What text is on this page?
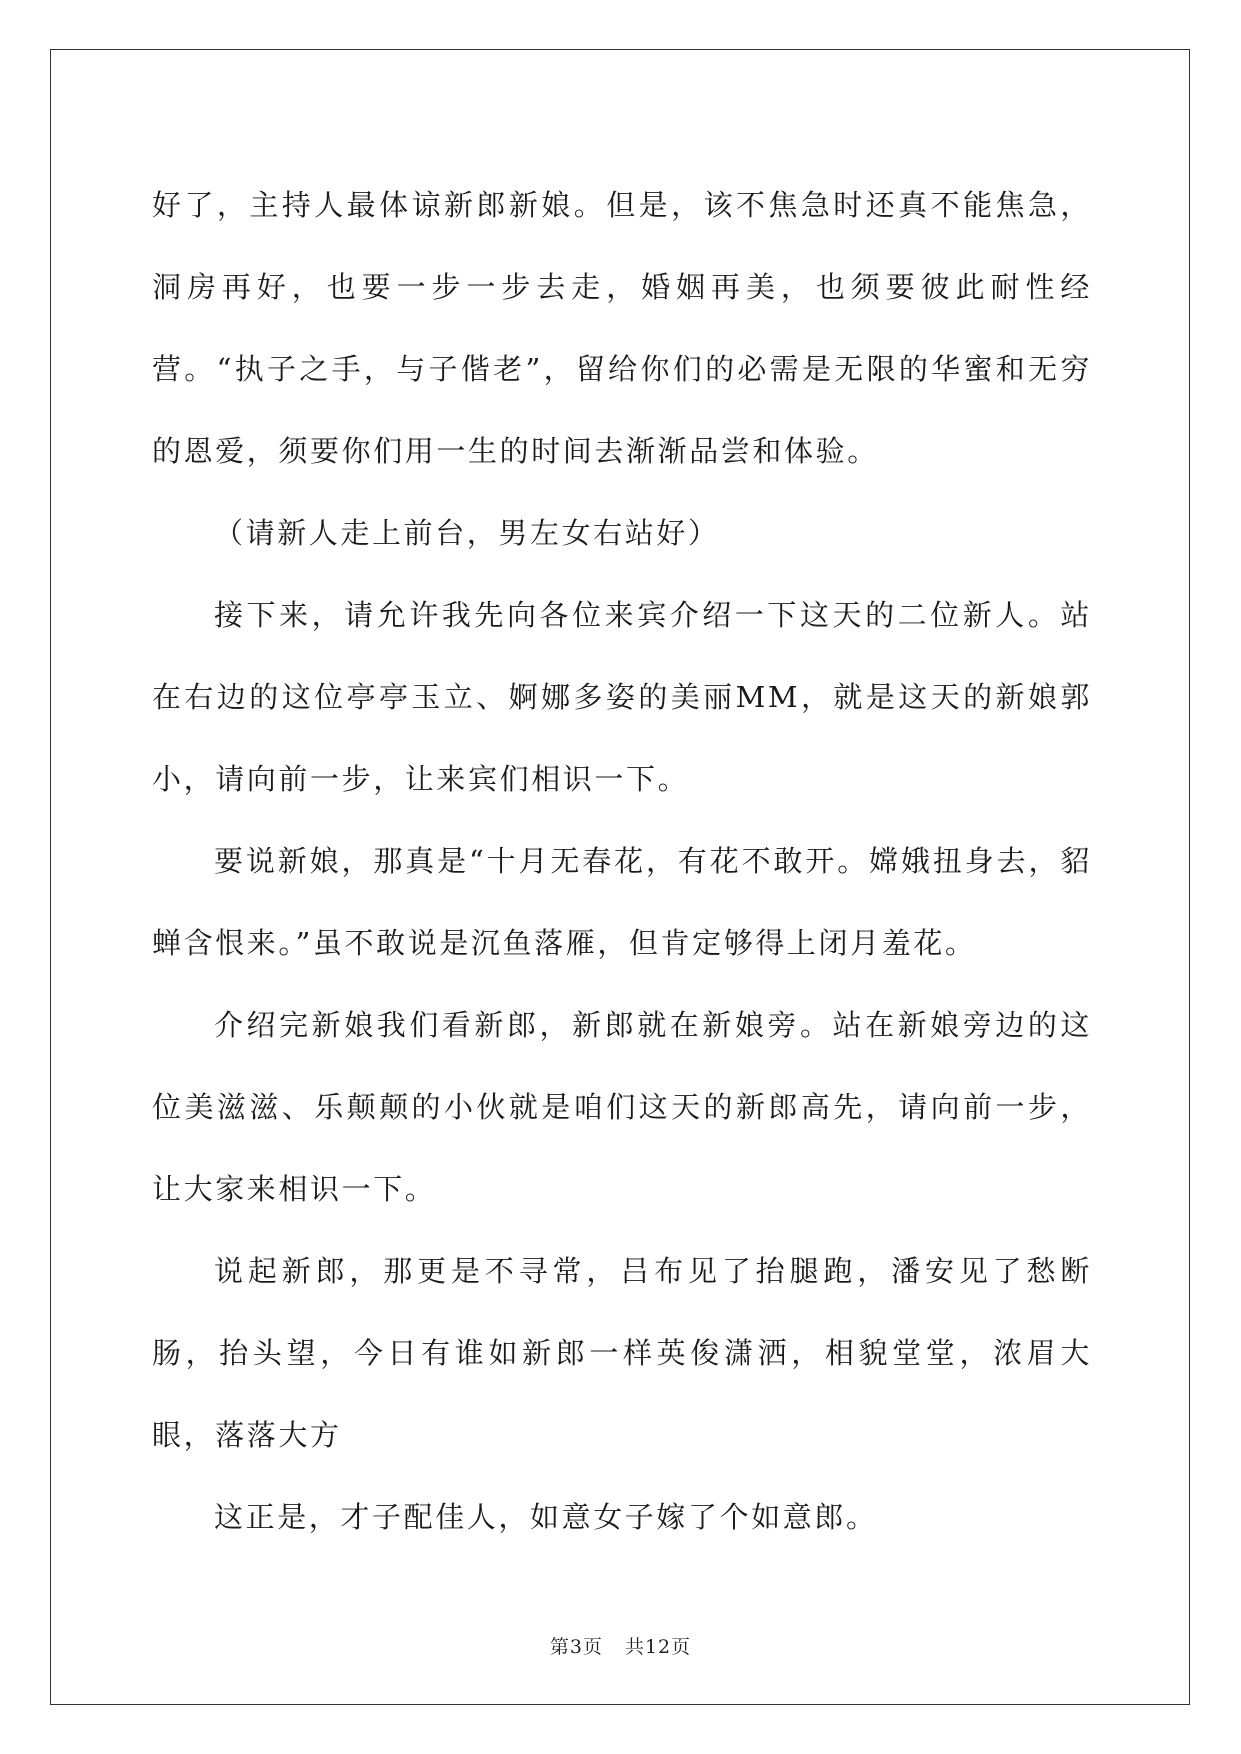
好了，主持人最体谅新郎新娘。但是，该不焦急时还真不能焦急，洞房再好，也要一步一步去走，婚姻再美，也须要彼此耐性经营。“执子之手，与子偕老”，留给你们的必需是无限的华蜜和无穷的恩爱，须要你们用一生的时间去渐渐品尝和体验。

（请新人走上前台，男左女右站好）

接下来，请允许我先向各位来宾介绍一下这天的二位新人。站在右边的这位亭亭玉立、婀娜多姿的美丽MM，就是这天的新娘郭小，请向前一步，让来宾们相识一下。

要说新娘，那真是“十月无春花，有花不敢开。嫦娥扭身去，貂蝉含恨来。”虽不敢说是沉鱼落雁，但肯定够得上闭月羞花。

介绍完新娘我们看新郎，新郎就在新娘旁。站在新娘旁边的这位美滋滋、乐颠颠的小伙就是咱们这天的新郎高先，请向前一步，让大家来相识一下。

说起新郎，那更是不寻常，吕布见了抬腿跑，潘安见了愁断肠，抬头望，今日有谁如新郎一样英俊潇洒，相貌堂堂，浓眉大眼，落落大方

这正是，才子配佳人，如意女子嫁了个如意郎。

第3页 共12页
